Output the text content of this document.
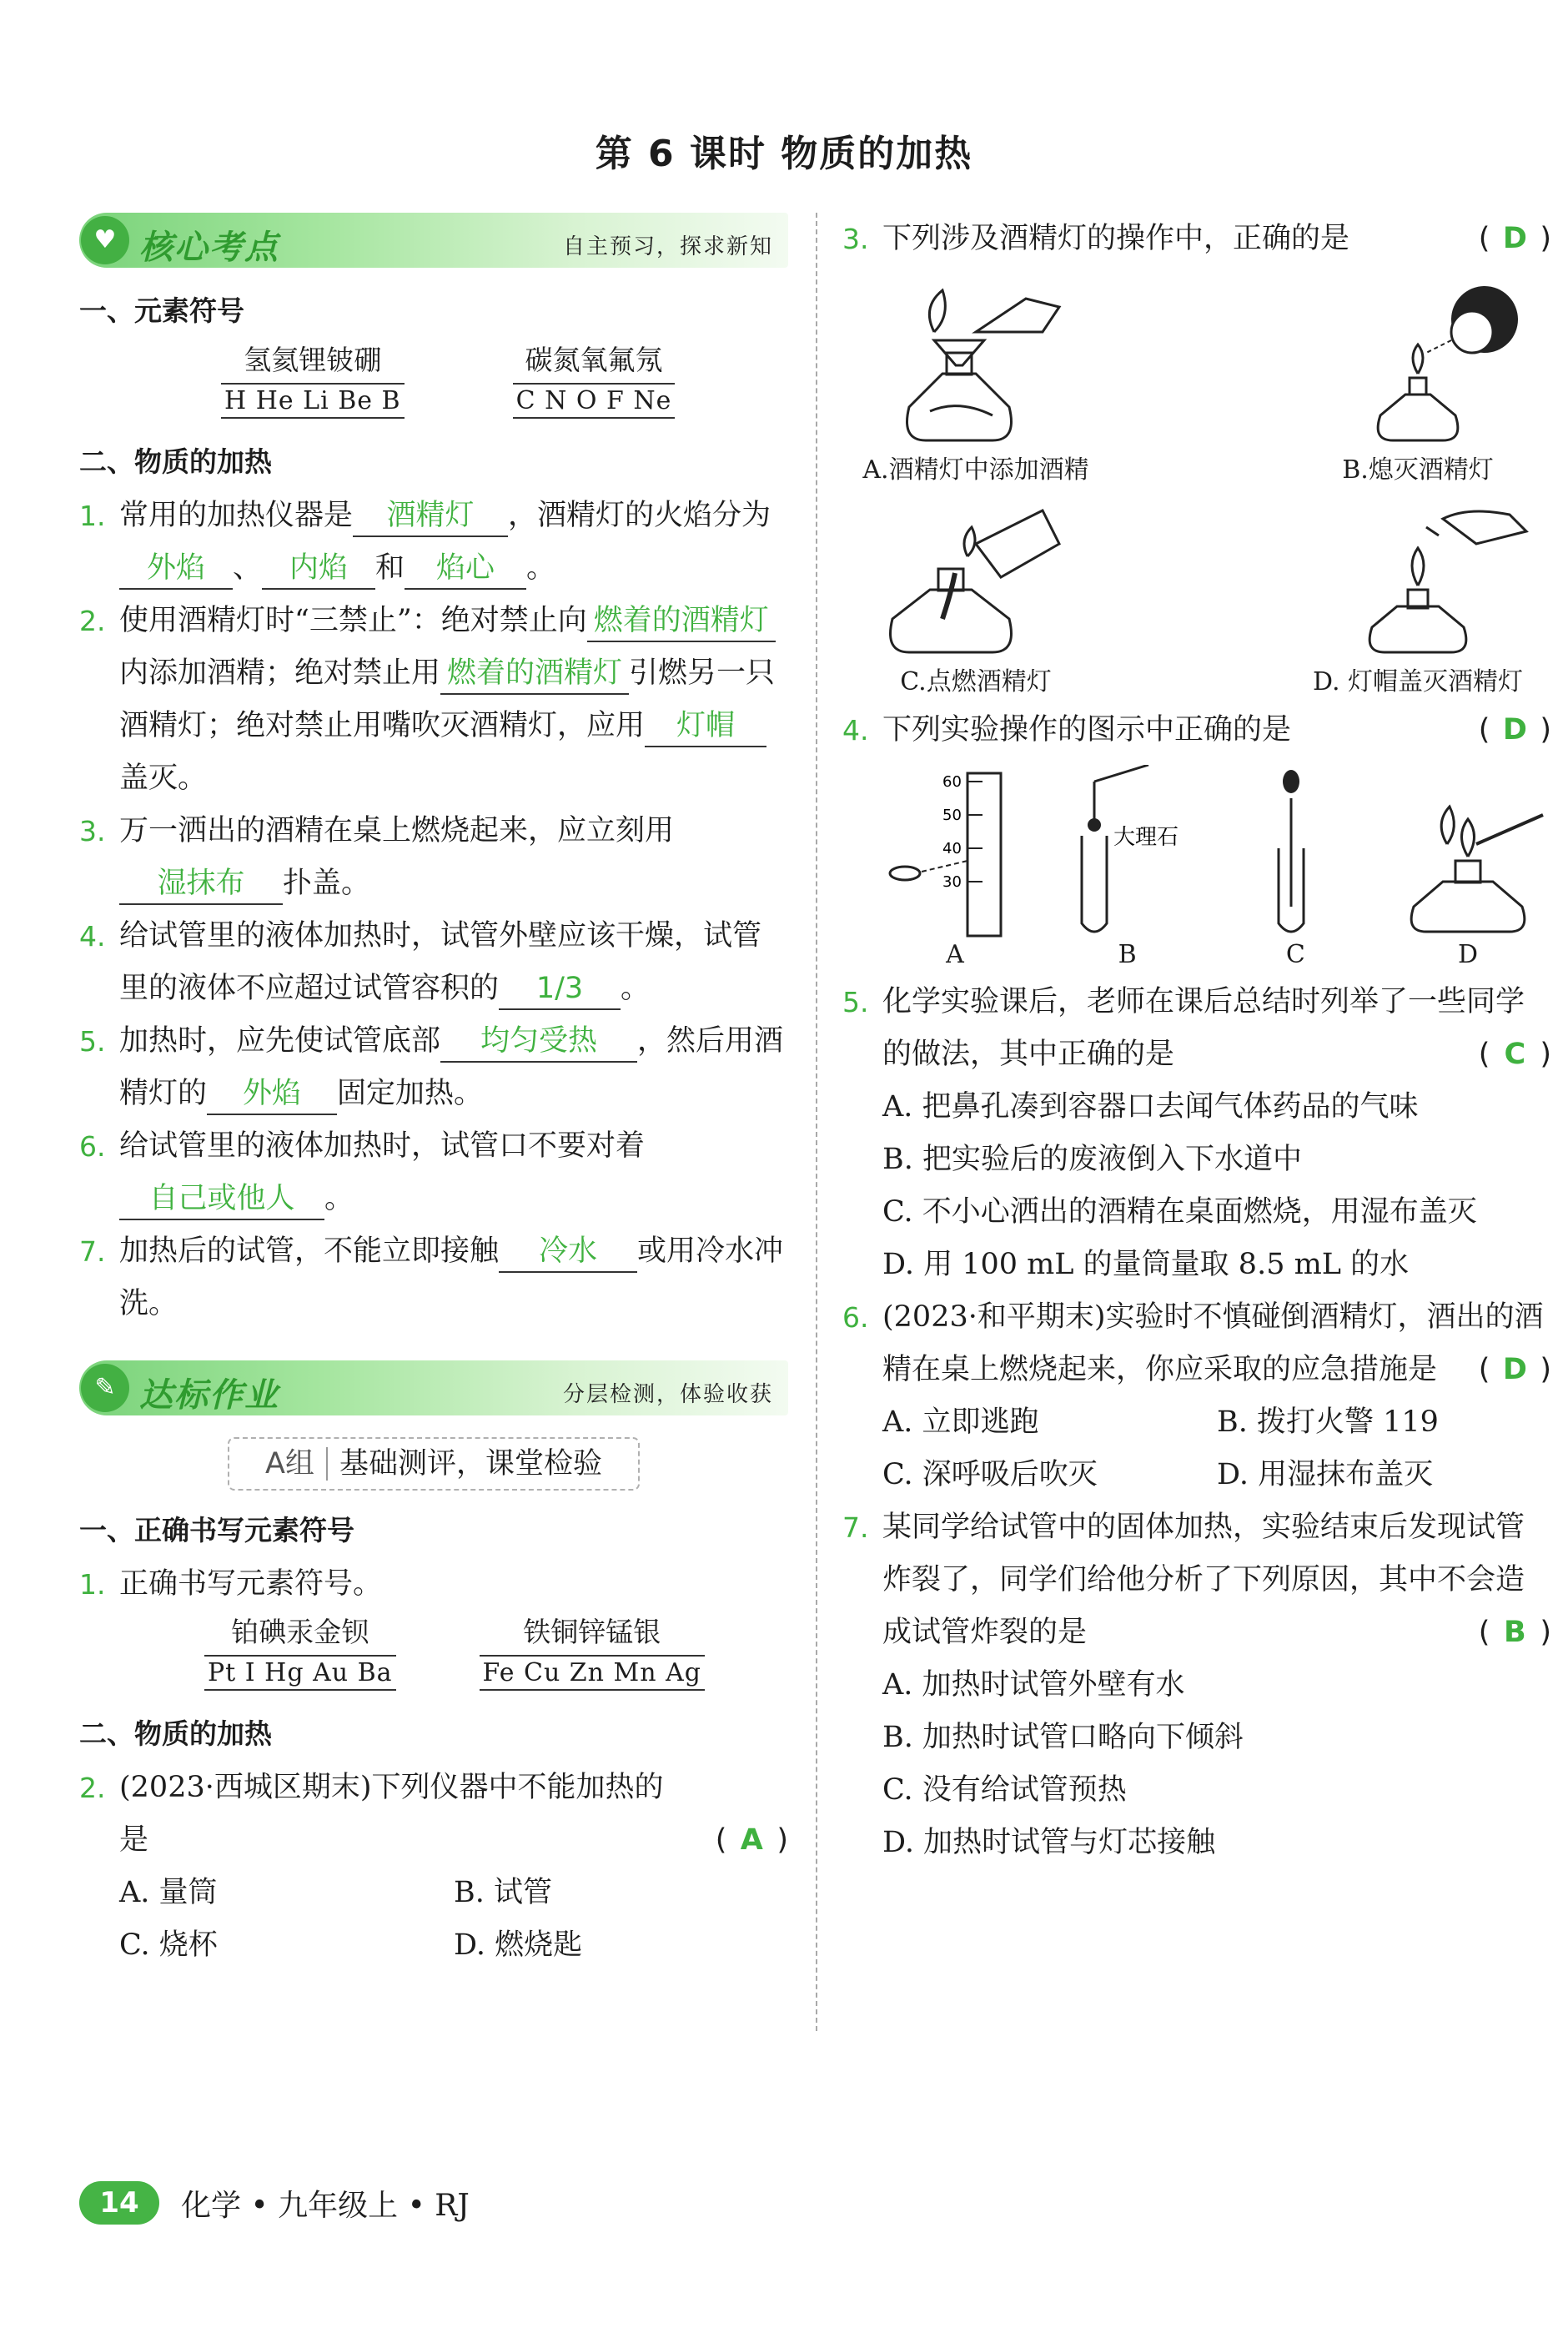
第 6 课时 物质的加热
♥ 核心考点	自主预习，探求新知
一、元素符号
氢氦锂铍硼
H He Li Be B
碳氮氧氟氖
C N O F Ne
二、物质的加热
1. 常用的加热仪器是 酒精灯 ，酒精灯的火焰分为外焰 、 内焰 和 焰心 。
2. 使用酒精灯时“三禁止”：绝对禁止向 燃着的酒精灯内添加酒精；绝对禁止用 燃着的酒精灯 引燃另一只酒精灯；绝对禁止用嘴吹灭酒精灯，应用 灯帽盖灭。
3. 万一洒出的酒精在桌上燃烧起来，应立刻用湿抹布 扑盖。
4. 给试管里的液体加热时，试管外壁应该干燥，试管里的液体不应超过试管容积的 1/3 。
5. 加热时，应先使试管底部 均匀受热 ，然后用酒精灯的 外焰 固定加热。
6. 给试管里的液体加热时，试管口不要对着自己或他人 。
7. 加热后的试管，不能立即接触 冷水 或用冷水冲洗。
✎ 达标作业	分层检测，体验收获
A组 基础测评，课堂检验
一、正确书写元素符号
1. 正确书写元素符号。
铂碘汞金钡
Pt I Hg Au Ba
铁铜锌锰银
Fe Cu Zn Mn Ag
二、物质的加热
2. (2023·西城区期末)下列仪器中不能加热的是	( A )
A. 量筒	B. 试管
C. 烧杯	D. 燃烧匙
3. 下列涉及酒精灯的操作中，正确的是	( D )
A.酒精灯中添加酒精	B.熄灭酒精灯
C.点燃酒精灯	D. 灯帽盖灭酒精灯
4. 下列实验操作的图示中正确的是	( D )
60
50
40
30
A
大理石
B	C	D
5. 化学实验课后，老师在课后总结时列举了一些同学的做法，其中正确的是	( C )
A. 把鼻孔凑到容器口去闻气体药品的气味
B. 把实验后的废液倒入下水道中
C. 不小心洒出的酒精在桌面燃烧，用湿布盖灭
D. 用 100 mL 的量筒量取 8.5 mL 的水
6. (2023·和平期末)实验时不慎碰倒酒精灯，酒出的酒精在桌上燃烧起来，你应采取的应急措施是 ( D )
A. 立即逃跑	B. 拨打火警 119
C. 深呼吸后吹灭	D. 用湿抹布盖灭
7. 某同学给试管中的固体加热，实验结束后发现试管炸裂了，同学们给他分析了下列原因，其中不会造成试管炸裂的是	( B )
A. 加热时试管外壁有水
B. 加热时试管口略向下倾斜
C. 没有给试管预热
D. 加热时试管与灯芯接触
14	化学 • 九年级上 • RJ
